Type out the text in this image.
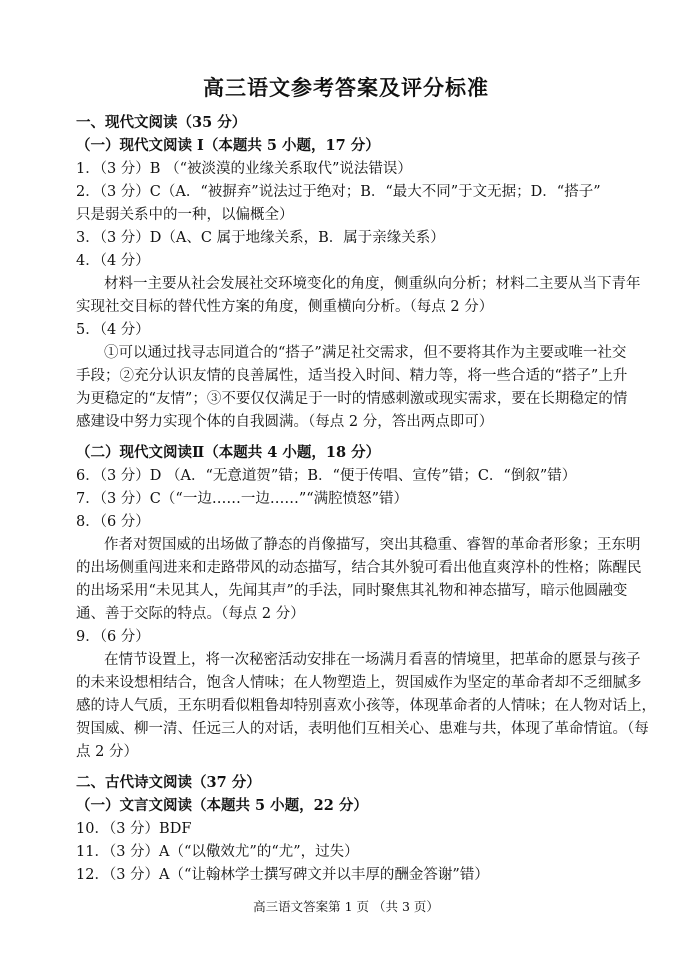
高三语文参考答案及评分标准
一、现代文阅读（35 分）
（一）现代文阅读 I（本题共 5 小题，17 分）
1．（3 分）B （“被淡漠的业缘关系取代”说法错误）
2．（3 分）C（A．“被摒弃”说法过于绝对；B．“最大不同”于文无据；D．“搭子”
只是弱关系中的一种，以偏概全）
3．（3 分）D（A、C 属于地缘关系，B．属于亲缘关系）
4．（4 分）
材料一主要从社会发展社交环境变化的角度，侧重纵向分析；材料二主要从当下青年
实现社交目标的替代性方案的角度，侧重横向分析。（每点 2 分）
5．（4 分）
①可以通过找寻志同道合的“搭子”满足社交需求，但不要将其作为主要或唯一社交
手段；②充分认识友情的良善属性，适当投入时间、精力等，将一些合适的“搭子”上升
为更稳定的“友情”；③不要仅仅满足于一时的情感刺激或现实需求，要在长期稳定的情
感建设中努力实现个体的自我圆满。（每点 2 分，答出两点即可）
（二）现代文阅读Ⅱ（本题共 4 小题，18 分）
6．（3 分）D （A．“无意道贺”错；B．“便于传唱、宣传”错；C．“倒叙”错）
7．（3 分）C（“一边……一边……”“满腔愤怒”错）
8．（6 分）
作者对贺国威的出场做了静态的肖像描写，突出其稳重、睿智的革命者形象；王东明
的出场侧重闯进来和走路带风的动态描写，结合其外貌可看出他直爽淳朴的性格；陈醒民
的出场采用“未见其人，先闻其声”的手法，同时聚焦其礼物和神态描写，暗示他圆融变
通、善于交际的特点。（每点 2 分）
9．（6 分）
在情节设置上，将一次秘密活动安排在一场满月看喜的情境里，把革命的愿景与孩子
的未来设想相结合，饱含人情味；在人物塑造上，贺国威作为坚定的革命者却不乏细腻多
感的诗人气质，王东明看似粗鲁却特别喜欢小孩等，体现革命者的人情味；在人物对话上，
贺国威、柳一清、任远三人的对话，表明他们互相关心、患难与共，体现了革命情谊。（每
点 2 分）
二、古代诗文阅读（37 分）
（一）文言文阅读（本题共 5 小题，22 分）
10．（3 分）BDF
11．（3 分）A（“以儆效尤”的“尤”，过失）
12．（3 分）A（“让翰林学士撰写碑文并以丰厚的酬金答谢”错）
高三语文答案第 1 页 （共 3 页）
